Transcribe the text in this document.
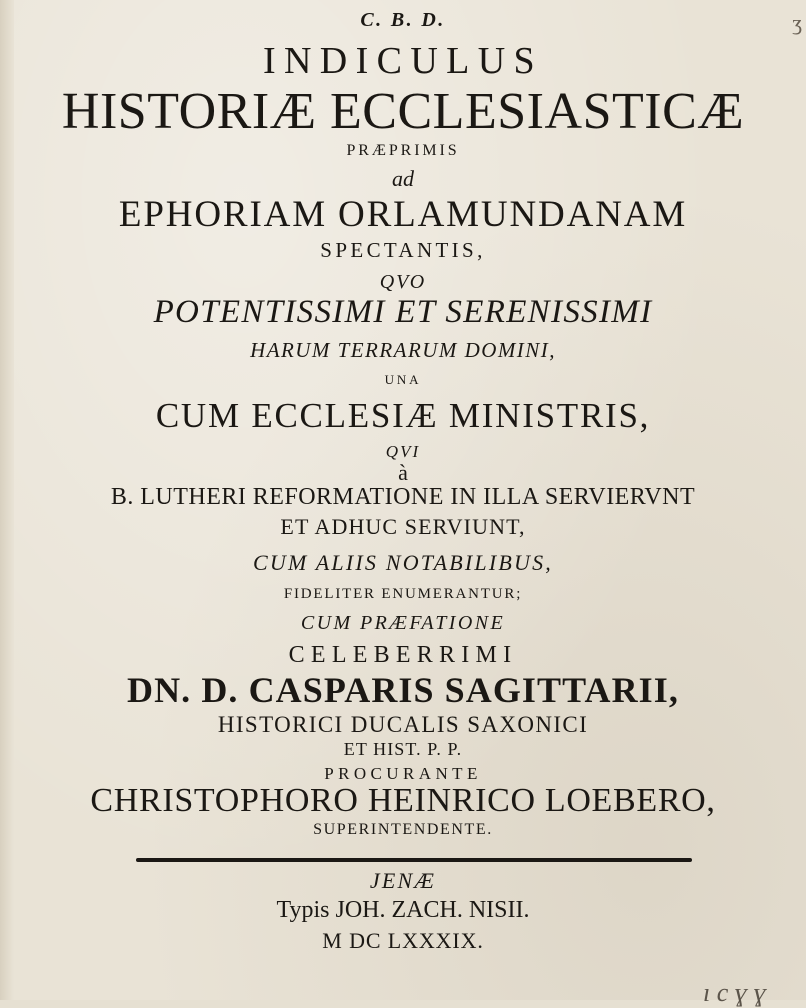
ʒ
C. B. D.
INDICULUS
HISTORIÆ ECCLESIASTICÆ
PRÆPRIMIS
ad
EPHORIAM ORLAMUNDANAM
SPECTANTIS,
QVO
POTENTISSIMI ET SERENISSIMI
HARUM TERRARUM DOMINI,
UNA
CUM ECCLESIÆ MINISTRIS,
QVI
à
B. LUTHERI REFORMATIONE IN ILLA SERVIERVNT
ET ADHUC SERVIUNT,
CUM ALIIS NOTABILIBUS,
FIDELITER ENUMERANTUR;
CUM PRÆFATIONE
CELEBERRIMI
DN. D. CASPARIS SAGITTARII,
HISTORICI DUCALIS SAXONICI
ET HIST. P. P.
PROCURANTE
CHRISTOPHORO HEINRICO LOEBERO,
SUPERINTENDENTE.
JENÆ
Typis JOH. ZACH. NISII.
M DC LXXXIX.
ı c ɣ ɣ
